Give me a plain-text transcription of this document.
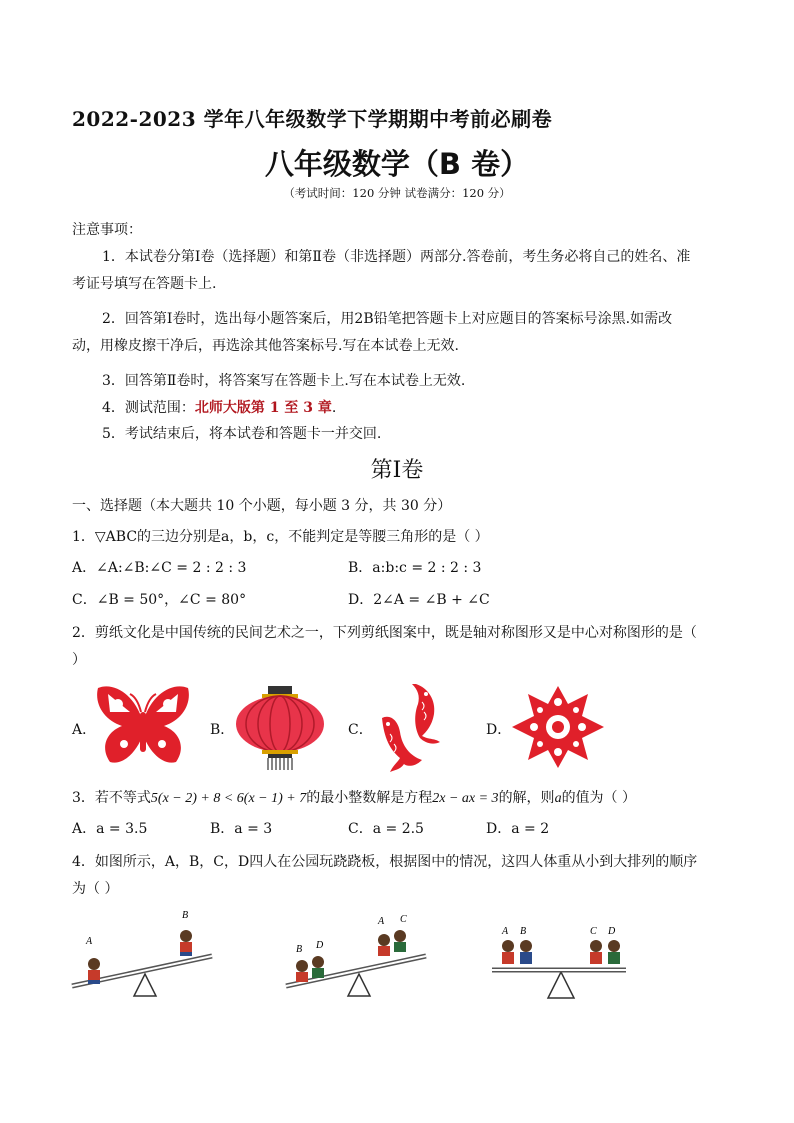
2022-2023 学年八年级数学下学期期中考前必刷卷
八年级数学（B 卷）
（考试时间：120 分钟 试卷满分：120 分）
注意事项：
1．本试卷分第Ⅰ卷（选择题）和第Ⅱ卷（非选择题）两部分.答卷前，考生务必将自己的姓名、准考证号填写在答题卡上.
2．回答第Ⅰ卷时，选出每小题答案后，用2B铅笔把答题卡上对应题目的答案标号涂黑.如需改动，用橡皮擦干净后，再选涂其他答案标号.写在本试卷上无效.
3．回答第Ⅱ卷时，将答案写在答题卡上.写在本试卷上无效.
4．测试范围：北师大版第 1 至 3 章.
5．考试结束后，将本试卷和答题卡一并交回.
第Ⅰ卷
一、选择题（本大题共 10 个小题，每小题 3 分，共 30 分）
1．▽ABC的三边分别是a，b，c，不能判定是等腰三角形的是（ ）
A．∠A:∠B:∠C = 2 : 2 : 3	B．a:b:c = 2 : 2 : 3
C．∠B = 50°，∠C = 80°	D．2∠A = ∠B + ∠C
2．剪纸文化是中国传统的民间艺术之一，下列剪纸图案中，既是轴对称图形又是中心对称图形的是（ ）
A．	B．	C．	D．
3．若不等式5(x − 2) + 8 < 6(x − 1) + 7的最小整数解是方程2x − ax = 3的解，则a的值为（ ）
A．a = 3.5	B．a = 3	C．a = 2.5	D．a = 2
4．如图所示，A，B，C，D四人在公园玩跷跷板，根据图中的情况，这四人体重从小到大排列的顺序为（ ）
A
B
B D
A C
A B	C D
